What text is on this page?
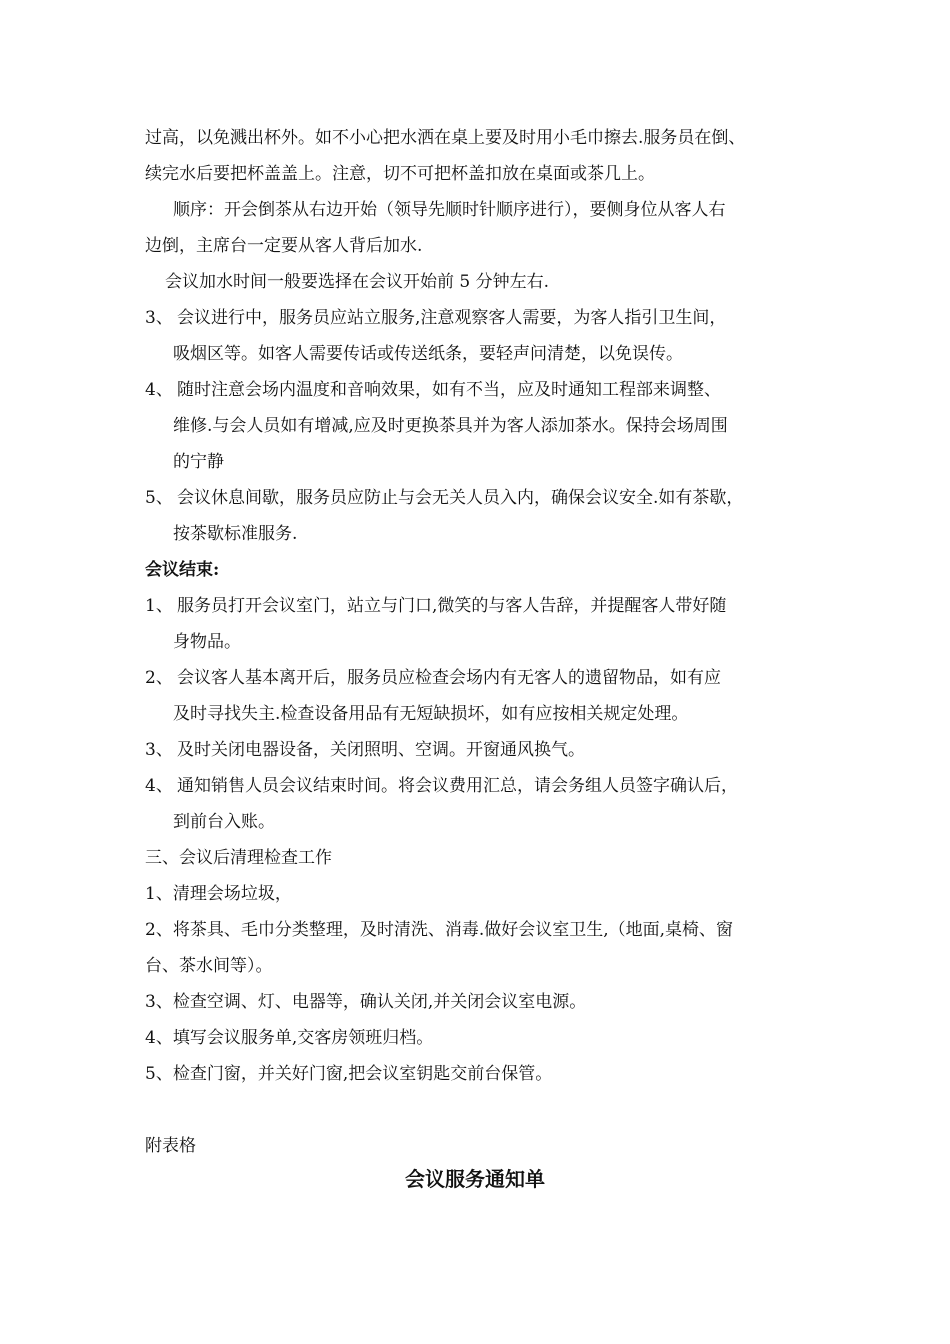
过高，以免溅出杯外。如不小心把水洒在桌上要及时用小毛巾擦去.服务员在倒、
续完水后要把杯盖盖上。注意，切不可把杯盖扣放在桌面或茶几上。
顺序：开会倒茶从右边开始（领导先顺时针顺序进行），要侧身位从客人右
边倒，主席台一定要从客人背后加水.
会议加水时间一般要选择在会议开始前 5 分钟左右.
3、 会议进行中，服务员应站立服务,注意观察客人需要，为客人指引卫生间，
吸烟区等。如客人需要传话或传送纸条，要轻声问清楚，以免误传。
4、 随时注意会场内温度和音响效果，如有不当，应及时通知工程部来调整、
维修.与会人员如有增减,应及时更换茶具并为客人添加茶水。保持会场周围
的宁静
5、 会议休息间歇，服务员应防止与会无关人员入内，确保会议安全.如有茶歇，
按茶歇标准服务.
会议结束:
1、 服务员打开会议室门，站立与门口,微笑的与客人告辞，并提醒客人带好随
身物品。
2、 会议客人基本离开后，服务员应检查会场内有无客人的遗留物品，如有应
及时寻找失主.检查设备用品有无短缺损坏，如有应按相关规定处理。
3、 及时关闭电器设备，关闭照明、空调。开窗通风换气。
4、 通知销售人员会议结束时间。将会议费用汇总，请会务组人员签字确认后，
到前台入账。
三、会议后清理检查工作
1、清理会场垃圾，
2、将茶具、毛巾分类整理，及时清洗、消毒.做好会议室卫生,（地面,桌椅、窗
台、茶水间等）。
3、检查空调、灯、电器等，确认关闭,并关闭会议室电源。
4、填写会议服务单,交客房领班归档。
5、检查门窗，并关好门窗,把会议室钥匙交前台保管。
附表格
会议服务通知单
